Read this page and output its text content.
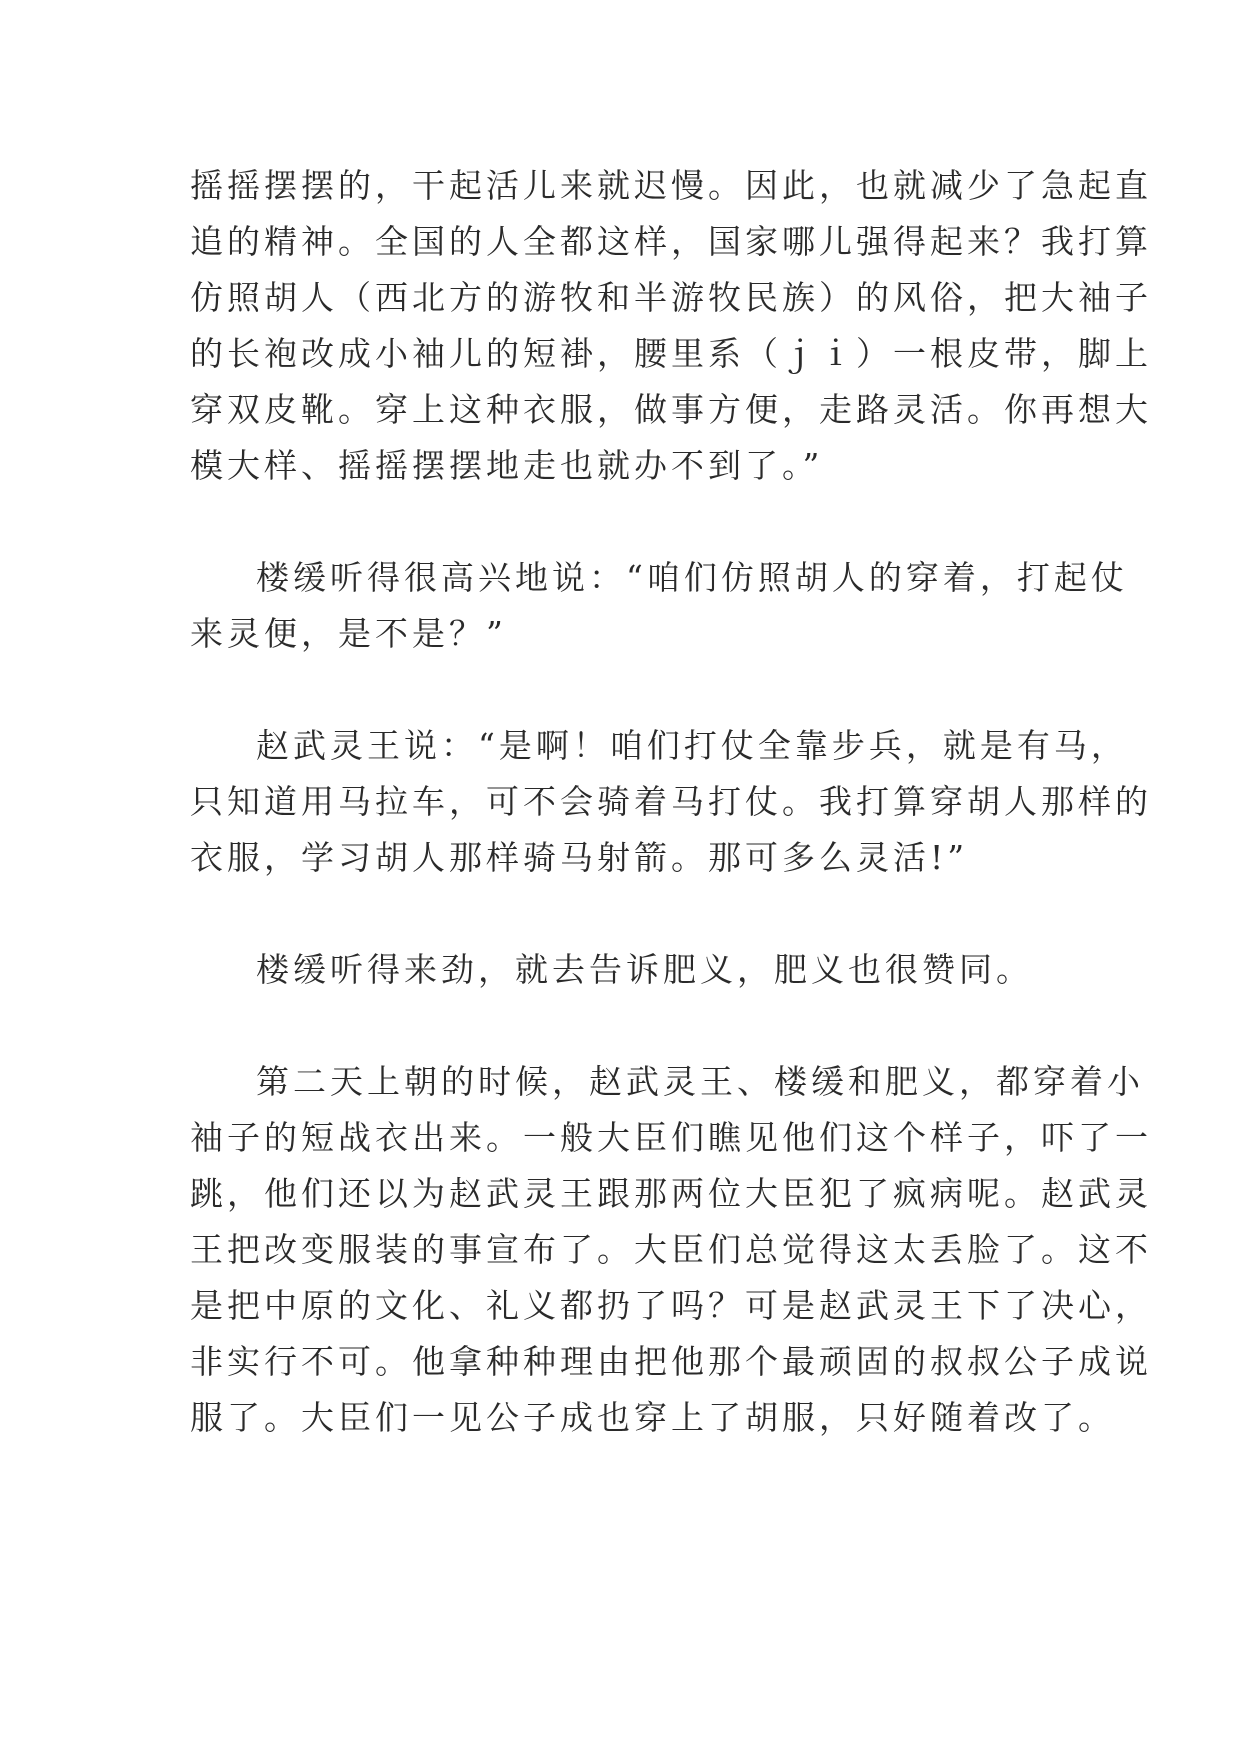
摇摇摆摆的，干起活儿来就迟慢。因此，也就减少了急起直
追的精神。全国的人全都这样，国家哪儿强得起来？我打算
仿照胡人（西北方的游牧和半游牧民族）的风俗，把大袖子
的长袍改成小袖儿的短褂，腰里系（ｊｉ）一根皮带，脚上
穿双皮靴。穿上这种衣服，做事方便，走路灵活。你再想大
模大样、摇摇摆摆地走也就办不到了。”
楼缓听得很高兴地说：“咱们仿照胡人的穿着，打起仗
来灵便，是不是？”
赵武灵王说：“是啊！咱们打仗全靠步兵，就是有马，
只知道用马拉车，可不会骑着马打仗。我打算穿胡人那样的
衣服，学习胡人那样骑马射箭。那可多么灵活!”
楼缓听得来劲，就去告诉肥义，肥义也很赞同。
第二天上朝的时候，赵武灵王、楼缓和肥义，都穿着小
袖子的短战衣出来。一般大臣们瞧见他们这个样子，吓了一
跳，他们还以为赵武灵王跟那两位大臣犯了疯病呢。赵武灵
王把改变服装的事宣布了。大臣们总觉得这太丢脸了。这不
是把中原的文化、礼义都扔了吗？可是赵武灵王下了决心，
非实行不可。他拿种种理由把他那个最顽固的叔叔公子成说
服了。大臣们一见公子成也穿上了胡服，只好随着改了。
